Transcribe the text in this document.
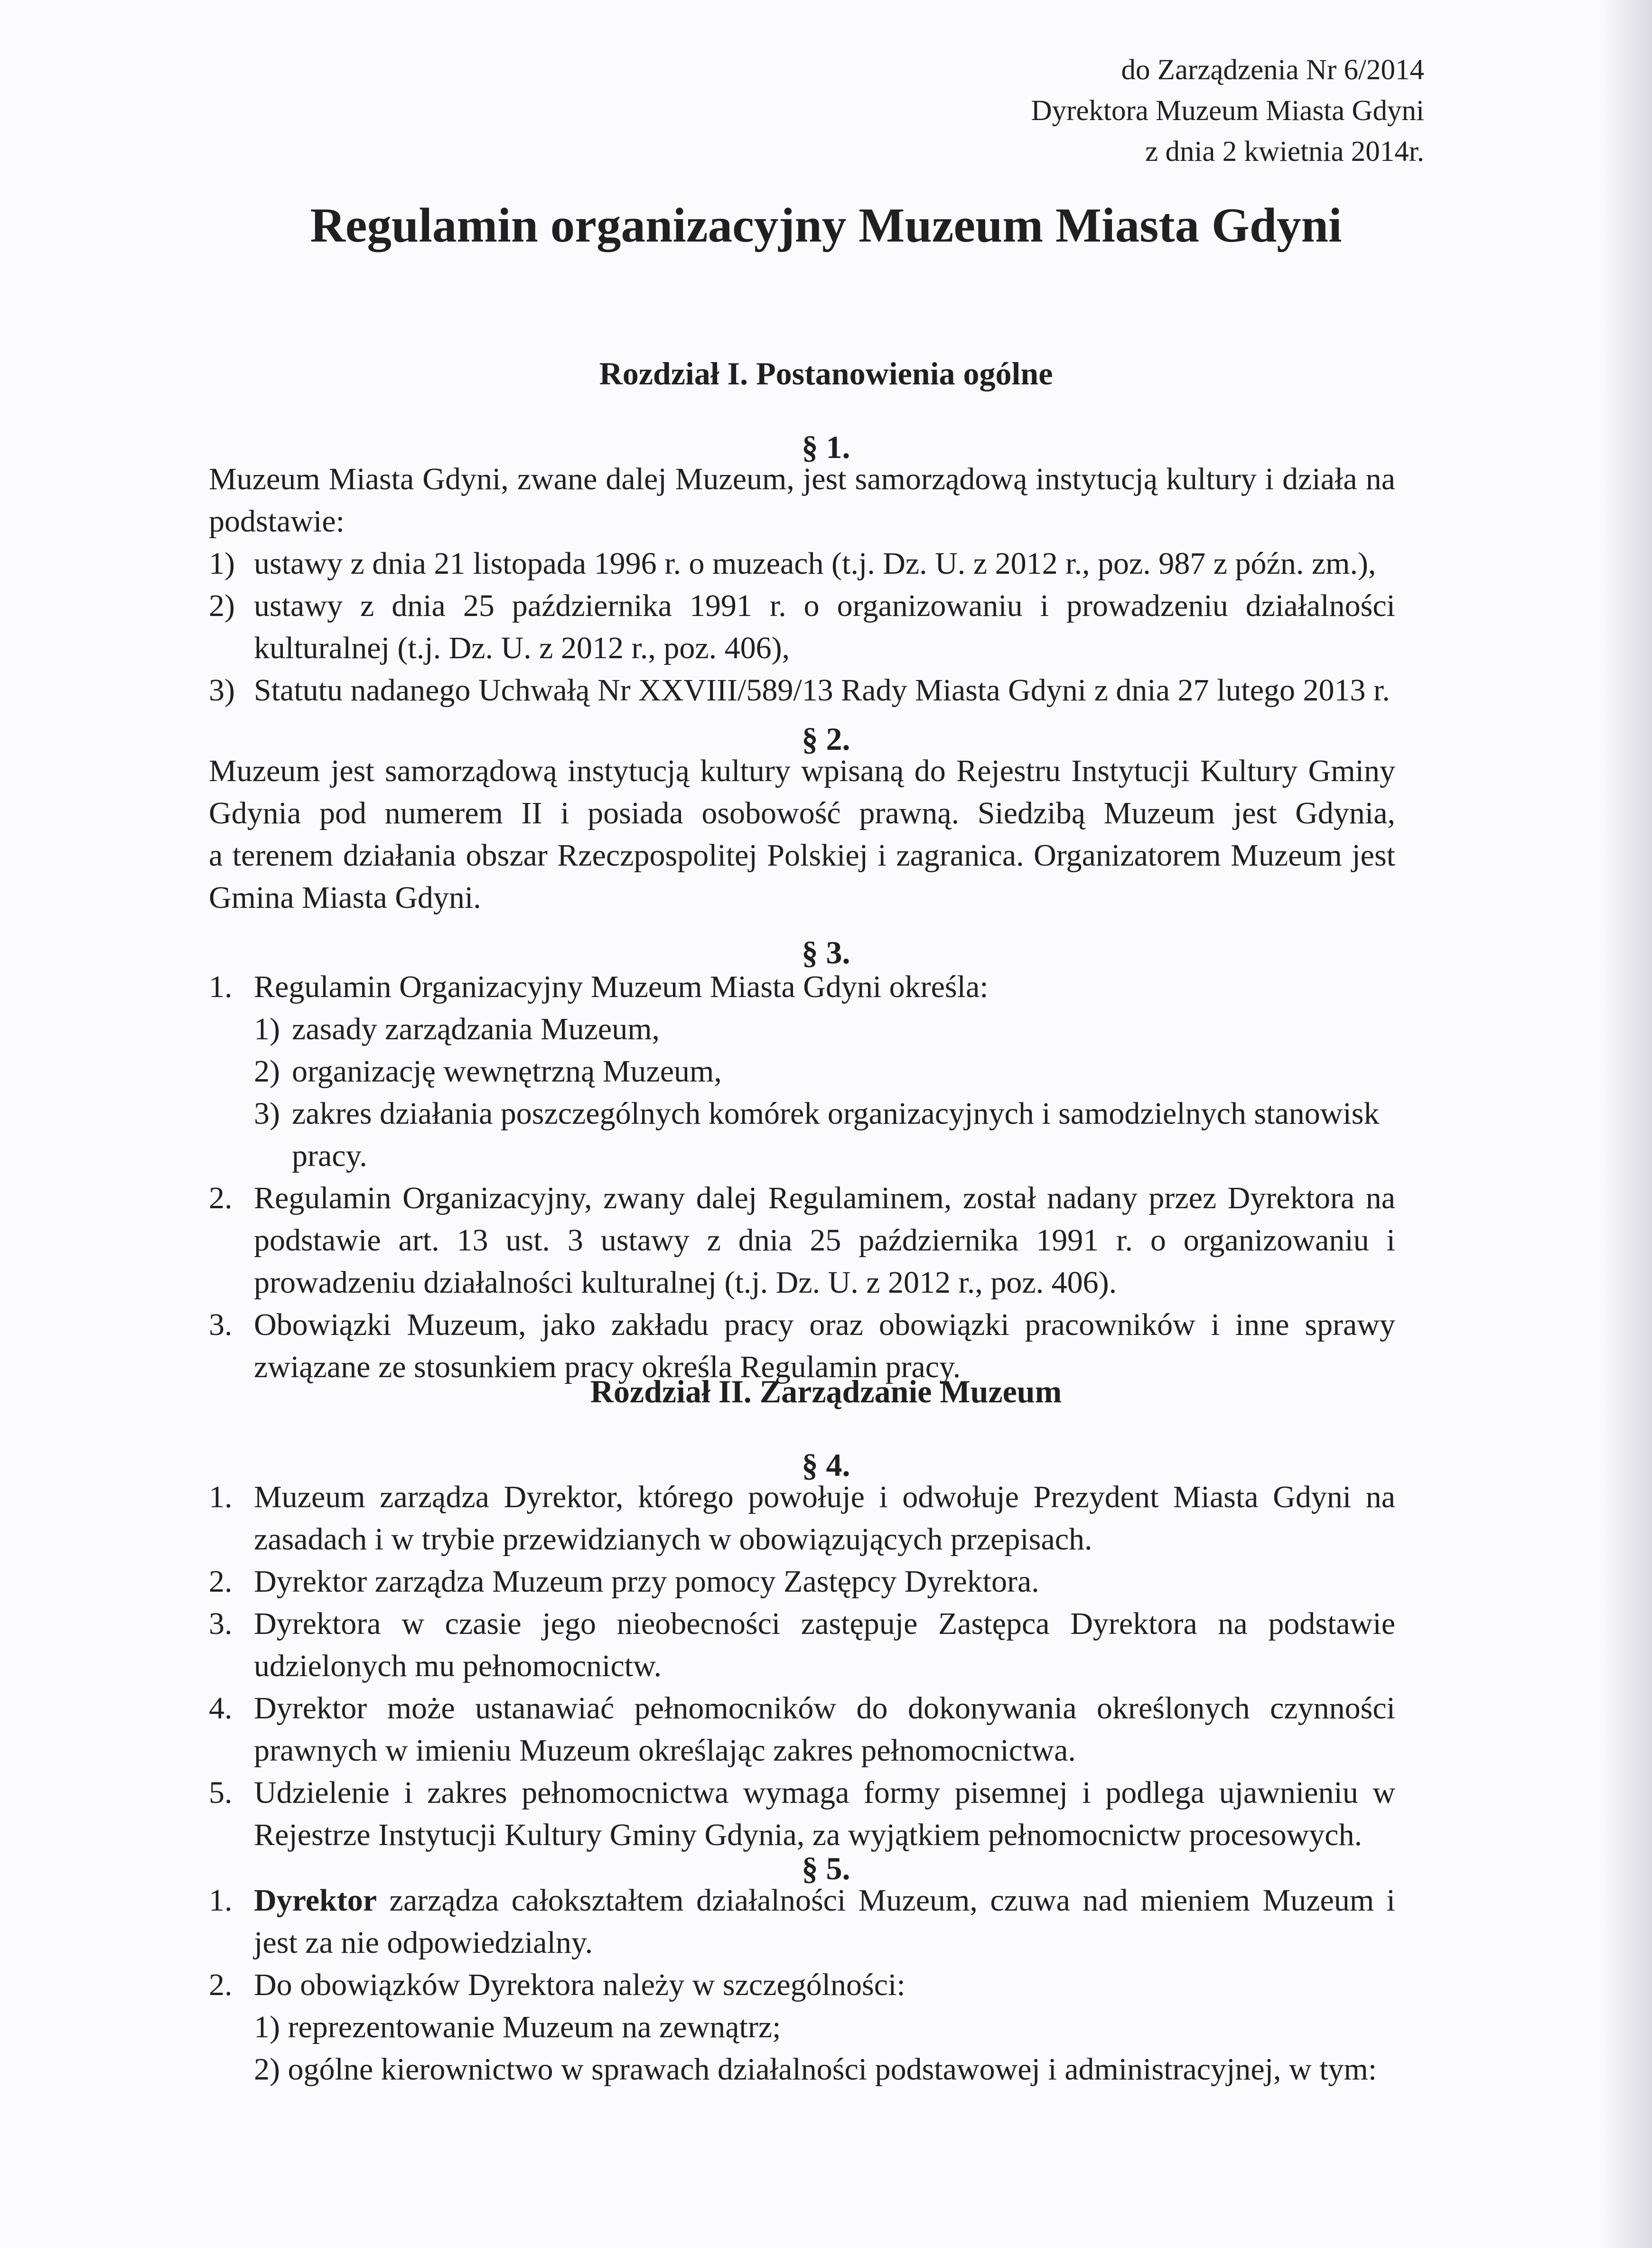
do Zarządzenia Nr 6/2014
Dyrektora Muzeum Miasta Gdyni
z dnia 2 kwietnia 2014r.
Regulamin organizacyjny Muzeum Miasta Gdyni
Rozdział I. Postanowienia ogólne
§ 1.
Muzeum Miasta Gdyni, zwane dalej Muzeum, jest samorządową instytucją kultury i działa na
podstawie:
1) ustawy z dnia 21 listopada 1996 r. o muzeach (t.j. Dz. U. z 2012 r., poz. 987 z późn. zm.),
2) ustawy z dnia 25 października 1991 r. o organizowaniu i prowadzeniu działalności
kulturalnej (t.j. Dz. U. z 2012 r., poz. 406),
3) Statutu nadanego Uchwałą Nr XXVIII/589/13 Rady Miasta Gdyni z dnia 27 lutego 2013 r.
§ 2.
Muzeum jest samorządową instytucją kultury wpisaną do Rejestru Instytucji Kultury Gminy
Gdynia pod numerem II i posiada osobowość prawną. Siedzibą Muzeum jest Gdynia,
a terenem działania obszar Rzeczpospolitej Polskiej i zagranica. Organizatorem Muzeum jest
Gmina Miasta Gdyni.
§ 3.
1. Regulamin Organizacyjny Muzeum Miasta Gdyni określa:
1) zasady zarządzania Muzeum,
2) organizację wewnętrzną Muzeum,
3) zakres działania poszczególnych komórek organizacyjnych i samodzielnych stanowisk
pracy.
2. Regulamin Organizacyjny, zwany dalej Regulaminem, został nadany przez Dyrektora na
podstawie art. 13 ust. 3 ustawy z dnia 25 października 1991 r. o organizowaniu i
prowadzeniu działalności kulturalnej (t.j. Dz. U. z 2012 r., poz. 406).
3. Obowiązki Muzeum, jako zakładu pracy oraz obowiązki pracowników i inne sprawy
związane ze stosunkiem pracy określa Regulamin pracy.
Rozdział II. Zarządzanie Muzeum
§ 4.
1. Muzeum zarządza Dyrektor, którego powołuje i odwołuje Prezydent Miasta Gdyni na
zasadach i w trybie przewidzianych w obowiązujących przepisach.
2. Dyrektor zarządza Muzeum przy pomocy Zastępcy Dyrektora.
3. Dyrektora w czasie jego nieobecności zastępuje Zastępca Dyrektora na podstawie
udzielonych mu pełnomocnictw.
4. Dyrektor może ustanawiać pełnomocników do dokonywania określonych czynności
prawnych w imieniu Muzeum określając zakres pełnomocnictwa.
5. Udzielenie i zakres pełnomocnictwa wymaga formy pisemnej i podlega ujawnieniu w
Rejestrze Instytucji Kultury Gminy Gdynia, za wyjątkiem pełnomocnictw procesowych.
§ 5.
1. Dyrektor zarządza całokształtem działalności Muzeum, czuwa nad mieniem Muzeum i
jest za nie odpowiedzialny.
2. Do obowiązków Dyrektora należy w szczególności:
1) reprezentowanie Muzeum na zewnątrz;
2) ogólne kierownictwo w sprawach działalności podstawowej i administracyjnej, w tym:
